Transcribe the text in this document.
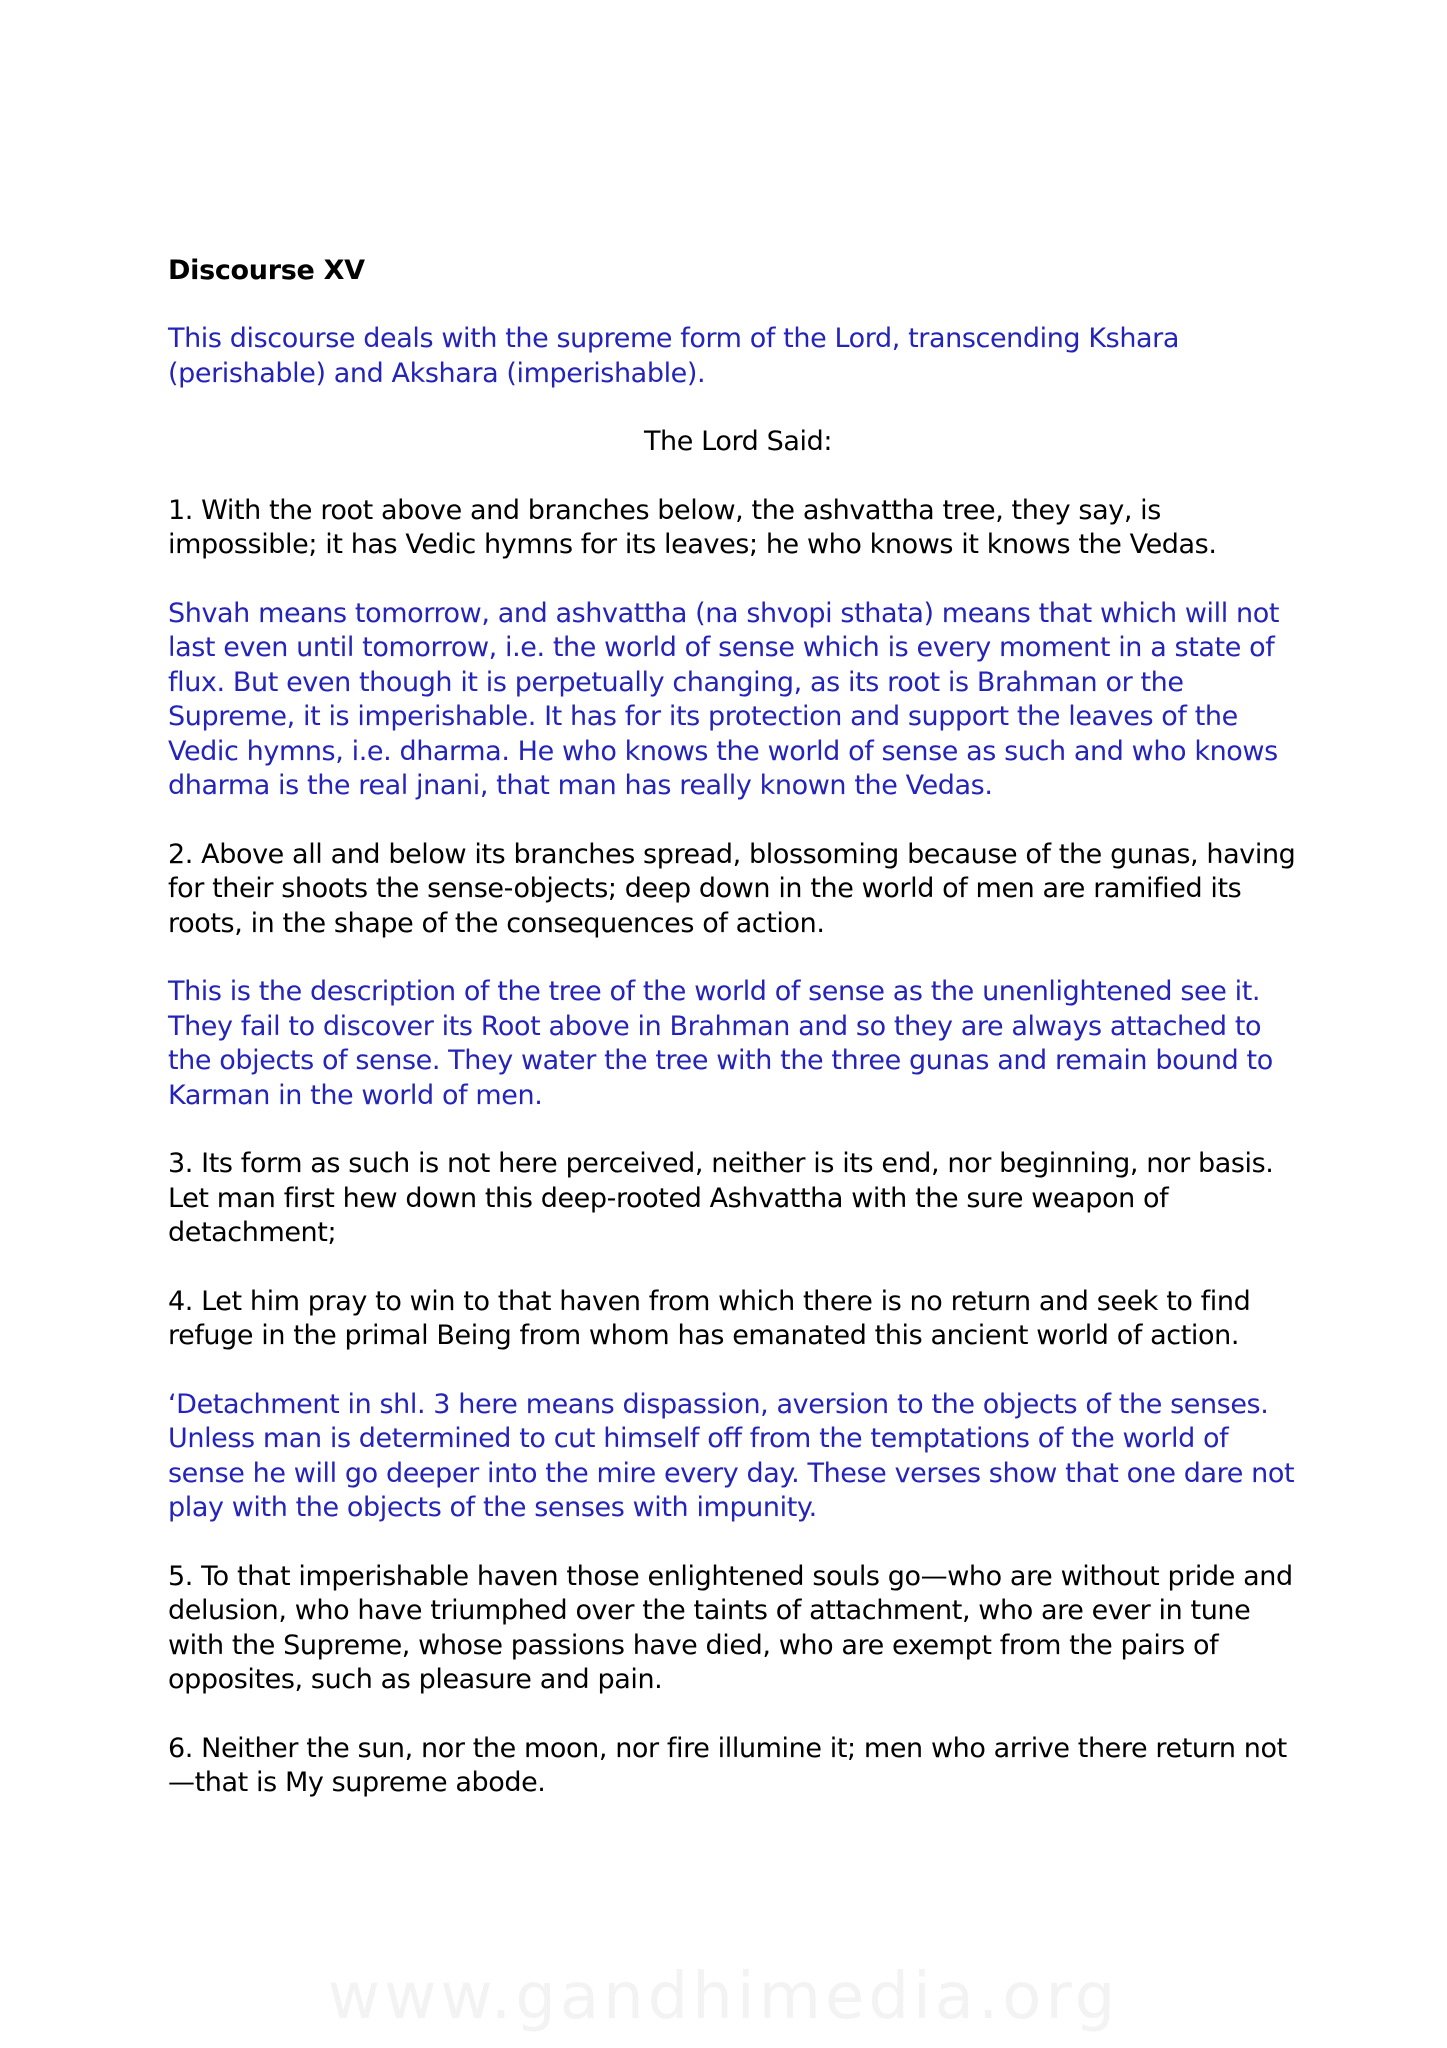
Discourse XV

This discourse deals with the supreme form of the Lord, transcending Kshara (perishable) and Akshara (imperishable).

The Lord Said:

1. With the root above and branches below, the ashvattha tree, they say, is impossible; it has Vedic hymns for its leaves; he who knows it knows the Vedas.

Shvah means tomorrow, and ashvattha (na shvopi sthata) means that which will not last even until tomorrow, i.e. the world of sense which is every moment in a state of flux. But even though it is perpetually changing, as its root is Brahman or the Supreme, it is imperishable. It has for its protection and support the leaves of the Vedic hymns, i.e. dharma. He who knows the world of sense as such and who knows dharma is the real jnani, that man has really known the Vedas.

2. Above all and below its branches spread, blossoming because of the gunas, having for their shoots the sense-objects; deep down in the world of men are ramified its roots, in the shape of the consequences of action.

This is the description of the tree of the world of sense as the unenlightened see it. They fail to discover its Root above in Brahman and so they are always attached to the objects of sense. They water the tree with the three gunas and remain bound to Karman in the world of men.

3. Its form as such is not here perceived, neither is its end, nor beginning, nor basis. Let man first hew down this deep-rooted Ashvattha with the sure weapon of detachment;

4. Let him pray to win to that haven from which there is no return and seek to find refuge in the primal Being from whom has emanated this ancient world of action.

‘Detachment in shl. 3 here means dispassion, aversion to the objects of the senses. Unless man is determined to cut himself off from the temptations of the world of sense he will go deeper into the mire every day. These verses show that one dare not play with the objects of the senses with impunity.

5. To that imperishable haven those enlightened souls go—who are without pride and delusion, who have triumphed over the taints of attachment, who are ever in tune with the Supreme, whose passions have died, who are exempt from the pairs of opposites, such as pleasure and pain.

6. Neither the sun, nor the moon, nor fire illumine it; men who arrive there return not—that is My supreme abode.

www.gandhimedia.org
